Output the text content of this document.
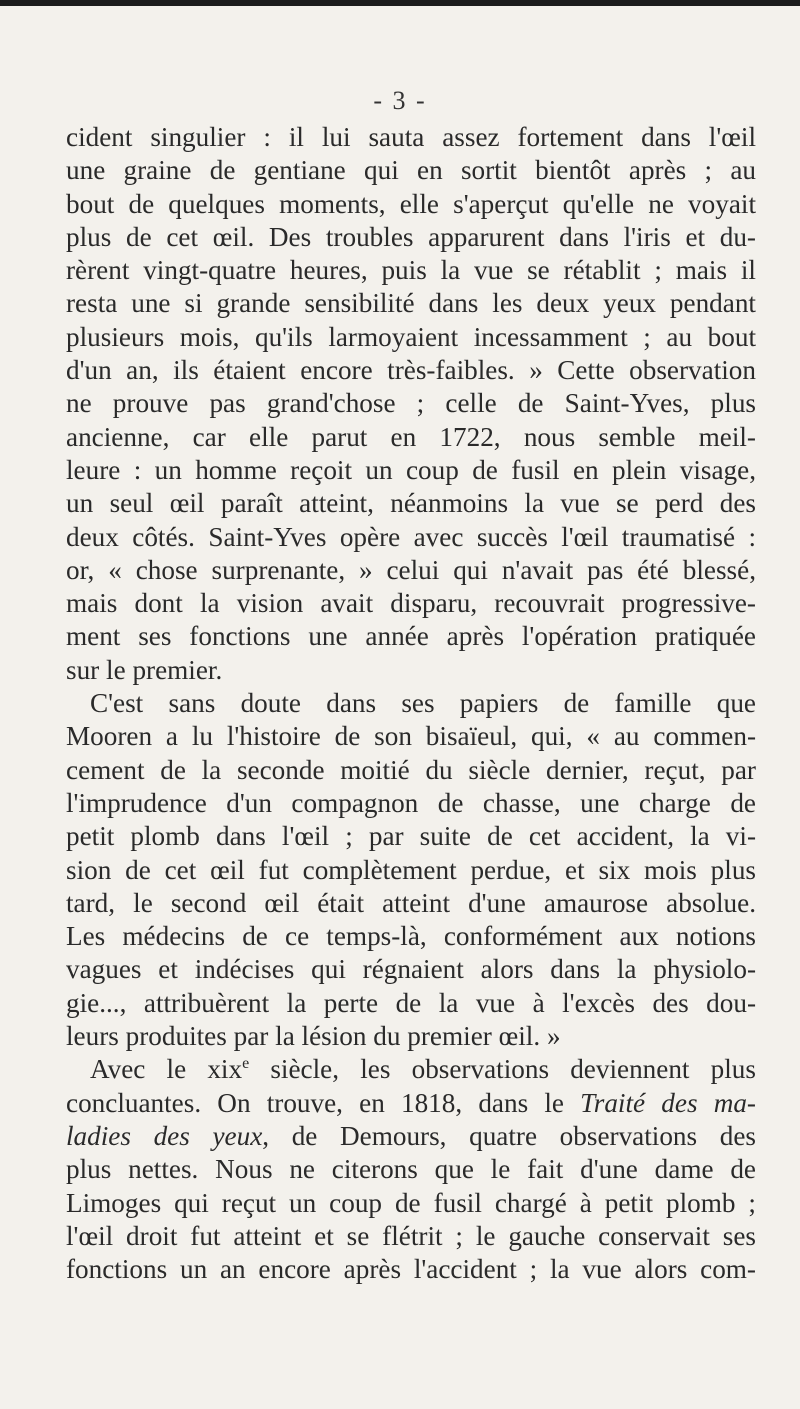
- 3 -

cident singulier : il lui sauta assez fortement dans l'œil

une graine de gentiane qui en sortit bientôt après ; au

bout de quelques moments, elle s'aperçut qu'elle ne voyait

plus de cet œil. Des troubles apparurent dans l'iris et du-

rèrent vingt-quatre heures, puis la vue se rétablit ; mais il

resta une si grande sensibilité dans les deux yeux pendant

plusieurs mois, qu'ils larmoyaient incessamment ; au bout

d'un an, ils étaient encore très-faibles. » Cette observation

ne prouve pas grand'chose ; celle de Saint-Yves, plus

ancienne, car elle parut en 1722, nous semble meil-

leure : un homme reçoit un coup de fusil en plein visage,

un seul œil paraît atteint, néanmoins la vue se perd des

deux côtés. Saint-Yves opère avec succès l'œil traumatisé :

or, « chose surprenante, » celui qui n'avait pas été blessé,

mais dont la vision avait disparu, recouvrait progressive-

ment ses fonctions une année après l'opération pratiquée

sur le premier.

C'est sans doute dans ses papiers de famille que

Mooren a lu l'histoire de son bisaïeul, qui, « au commen-

cement de la seconde moitié du siècle dernier, reçut, par

l'imprudence d'un compagnon de chasse, une charge de

petit plomb dans l'œil ; par suite de cet accident, la vi-

sion de cet œil fut complètement perdue, et six mois plus

tard, le second œil était atteint d'une amaurose absolue.

Les médecins de ce temps-là, conformément aux notions

vagues et indécises qui régnaient alors dans la physiolo-

gie..., attribuèrent la perte de la vue à l'excès des dou-

leurs produites par la lésion du premier œil. »

Avec le xix$^e$ siècle, les observations deviennent plus

concluantes. On trouve, en 1818, dans le Traité des ma-

ladies des yeux, de Demours, quatre observations des

plus nettes. Nous ne citerons que le fait d'une dame de

Limoges qui reçut un coup de fusil chargé à petit plomb ;

l'œil droit fut atteint et se flétrit ; le gauche conservait ses

fonctions un an encore après l'accident ; la vue alors com-
